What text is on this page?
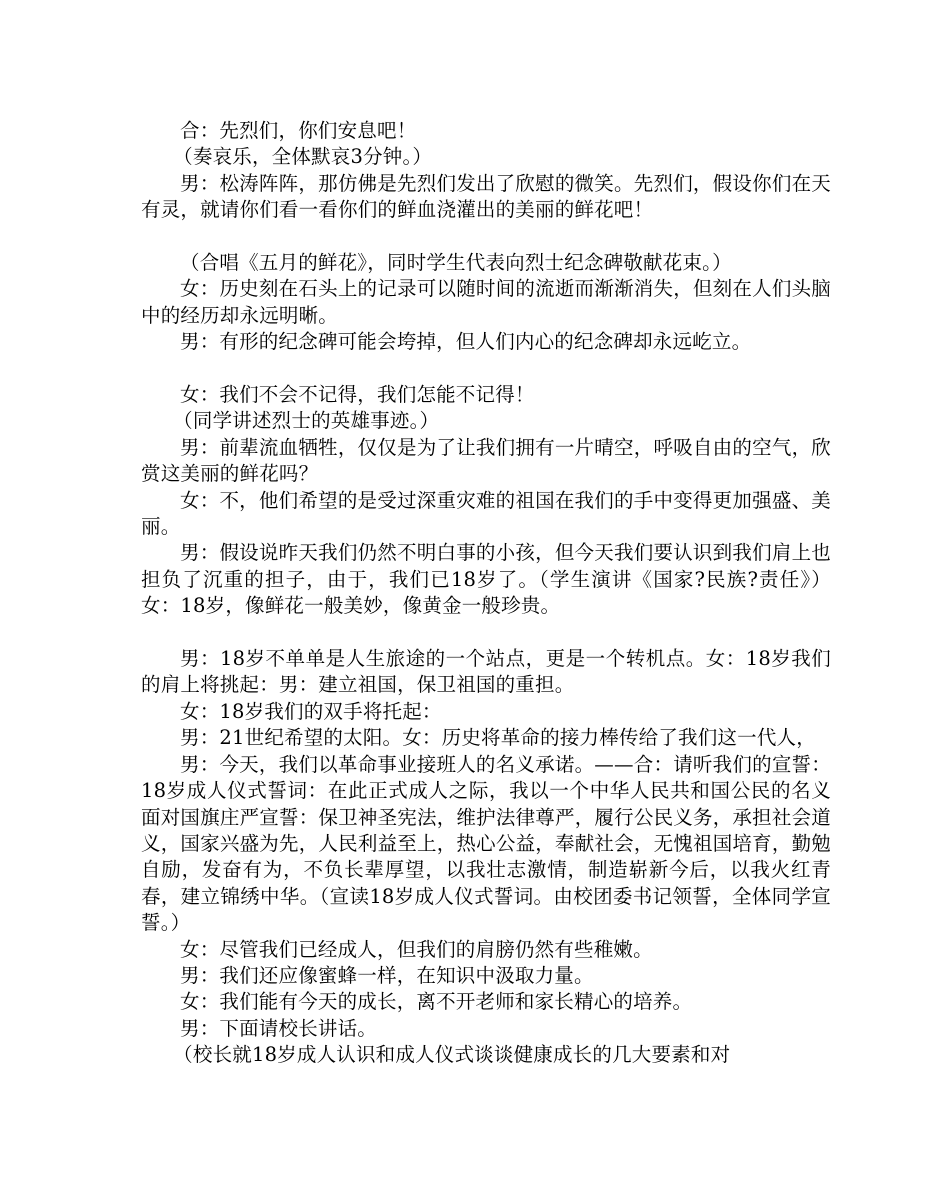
合：先烈们，你们安息吧！

（奏哀乐，全体默哀3分钟。）

男：松涛阵阵，那仿佛是先烈们发出了欣慰的微笑。先烈们，假设你们在天有灵，就请你们看一看你们的鲜血浇灌出的美丽的鲜花吧！

（合唱《五月的鲜花》，同时学生代表向烈士纪念碑敬献花束。）

女：历史刻在石头上的记录可以随时间的流逝而渐渐消失，但刻在人们头脑中的经历却永远明晰。

男：有形的纪念碑可能会垮掉，但人们内心的纪念碑却永远屹立。

女：我们不会不记得，我们怎能不记得！

（同学讲述烈士的英雄事迹。）

男：前辈流血牺牲，仅仅是为了让我们拥有一片晴空，呼吸自由的空气，欣赏这美丽的鲜花吗？

女：不，他们希望的是受过深重灾难的祖国在我们的手中变得更加强盛、美丽。

男：假设说昨天我们仍然不明白事的小孩，但今天我们要认识到我们肩上也担负了沉重的担子，由于，我们已18岁了。（学生演讲《国家?民族?责任》）女：18岁，像鲜花一般美妙，像黄金一般珍贵。

男：18岁不单单是人生旅途的一个站点，更是一个转机点。女：18岁我们的肩上将挑起：男：建立祖国，保卫祖国的重担。

女：18岁我们的双手将托起：

男：21世纪希望的太阳。女：历史将革命的接力棒传给了我们这一代人，

男：今天，我们以革命事业接班人的名义承诺。——合：请听我们的宣誓：18岁成人仪式誓词：在此正式成人之际，我以一个中华人民共和国公民的名义面对国旗庄严宣誓：保卫神圣宪法，维护法律尊严，履行公民义务，承担社会道义，国家兴盛为先，人民利益至上，热心公益，奉献社会，无愧祖国培育，勤勉自励，发奋有为，不负长辈厚望，以我壮志激情，制造崭新今后，以我火红青春，建立锦绣中华。（宣读18岁成人仪式誓词。由校团委书记领誓，全体同学宣誓。）

女：尽管我们已经成人，但我们的肩膀仍然有些稚嫩。

男：我们还应像蜜蜂一样，在知识中汲取力量。

女：我们能有今天的成长，离不开老师和家长精心的培养。

男：下面请校长讲话。

（校长就18岁成人认识和成人仪式谈谈健康成长的几大要素和对
